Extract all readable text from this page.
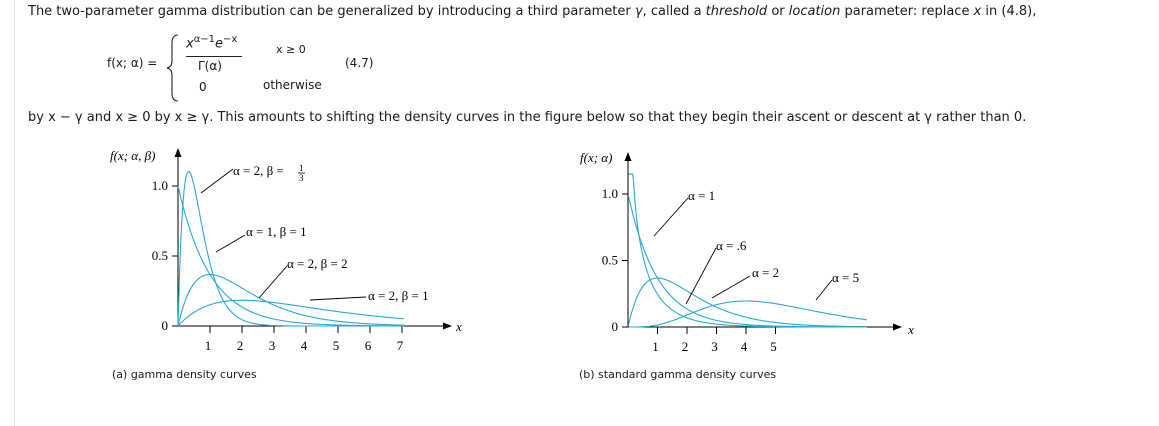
The two-parameter gamma distribution can be generalized by introducing a third parameter γ, called a threshold or location parameter: replace x in (4.8),
f(x; α) =
$x^{\alpha-1}e^{-x}$
Γ(α)
0
x ≥ 0
otherwise
(4.7)
by x − γ and x ≥ 0 by x ≥ γ. This amounts to shifting the density curves in the figure below so that they begin their ascent or descent at γ rather than 0.
f(x; α, β)
x
0
0.5
1.0
1 2 3 4 5 6 7
α = 2, β = 1
3
α = 1, β = 1
α = 2, β = 2
α = 2, β = 1
f(x; α)
x
0
0.5
1.0
1 2 3 4 5
α = 1
α = .6
α = 2	α = 5
(a) gamma density curves	(b) standard gamma density curves
